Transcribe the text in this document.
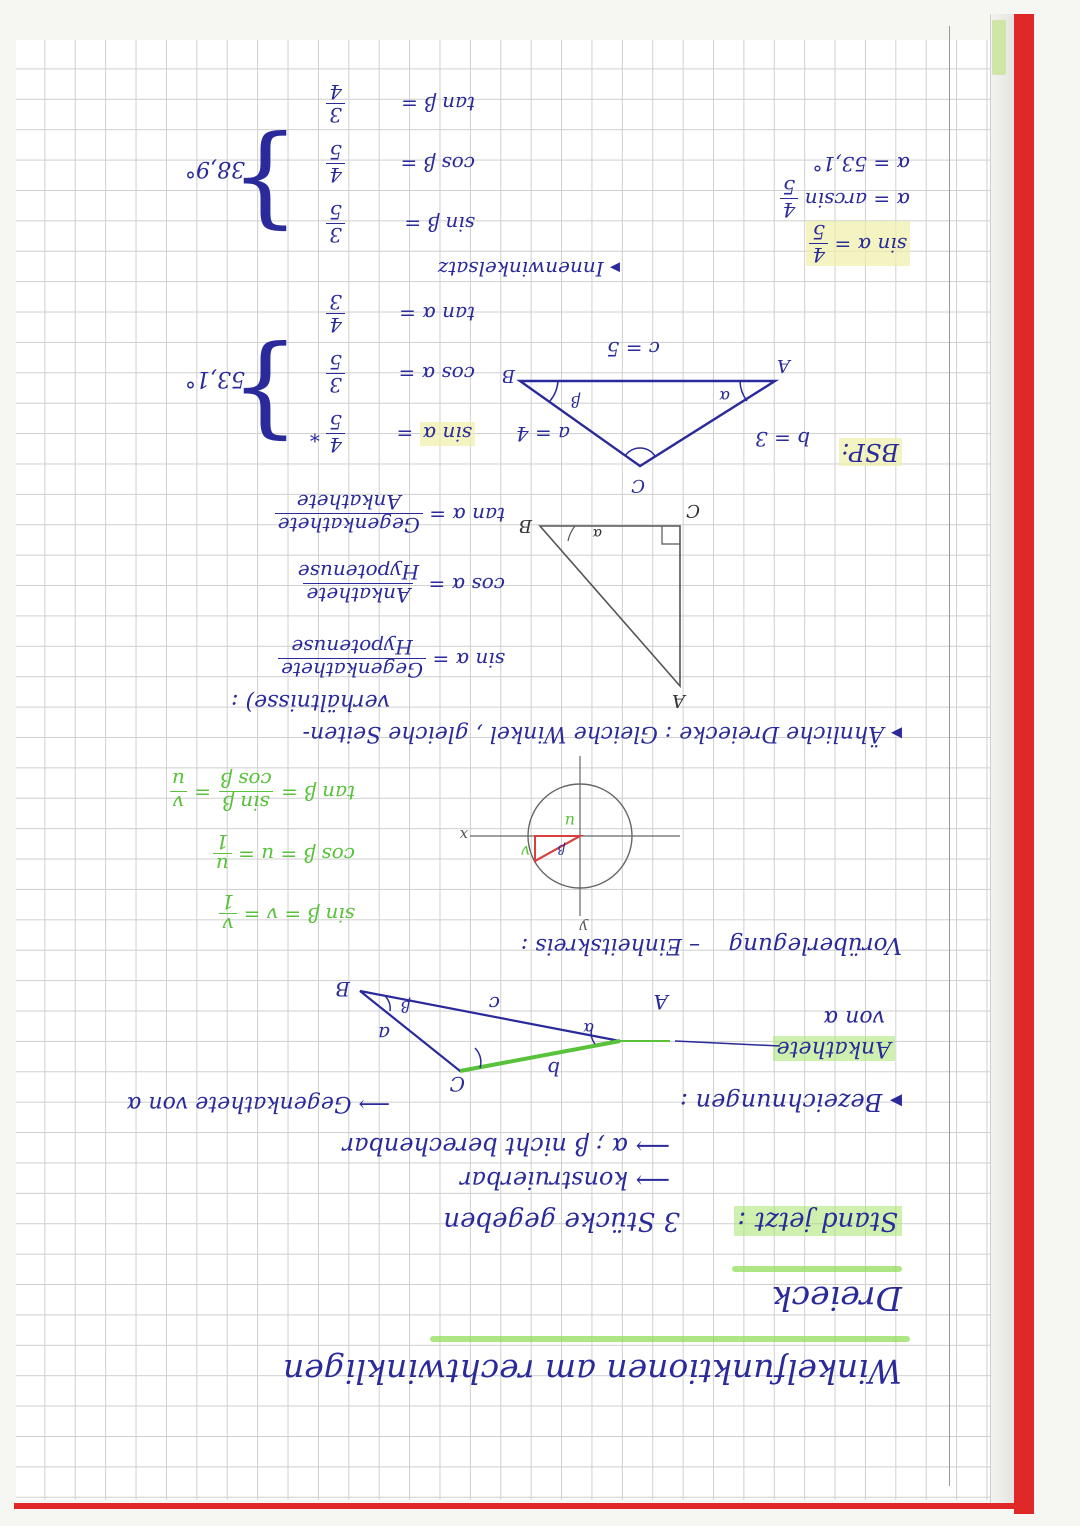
Winkelfunktionen am rechtwinkligen
Dreieck
Stand jetzt :
3 Stücke gegeben
⟶ konstruierbar
⟶ α ; β nicht berechenbar
▸ Bezeichnungen :
⟶ Gegenkathete von α
Ankathete
von α
A
B
C
b
a
c
α
β
Vorüberlegung
– Einheitskreis :
u
v
x
y
β
sin β = v =
v
1
cos β = u =
u
1
tan β =
sin β
cos β
=
v
u
▸ Ähnliche Dreiecke : Gleiche Winkel , gleiche Seiten-
verhältnisse) :	A
B
C
α
sin α =
Gegenkathete
Hypotenuse
cos α =
Ankathete
Hypotenuse
tan α =
Gegenkathete
Ankathete
BSP:
b = 3
a = 4
c = 5
C
A
B
α
β
sin α =
cos α =
tan α =
4
5
*
3
5
4
3
}
53,1°
▸ Innenwinkelsatz
sin α =
4
5

α = arcsin
4
5

α = 53,1°
sin β =
cos β =
tan β =
3
5
4
5
3
4
}
38,9°
